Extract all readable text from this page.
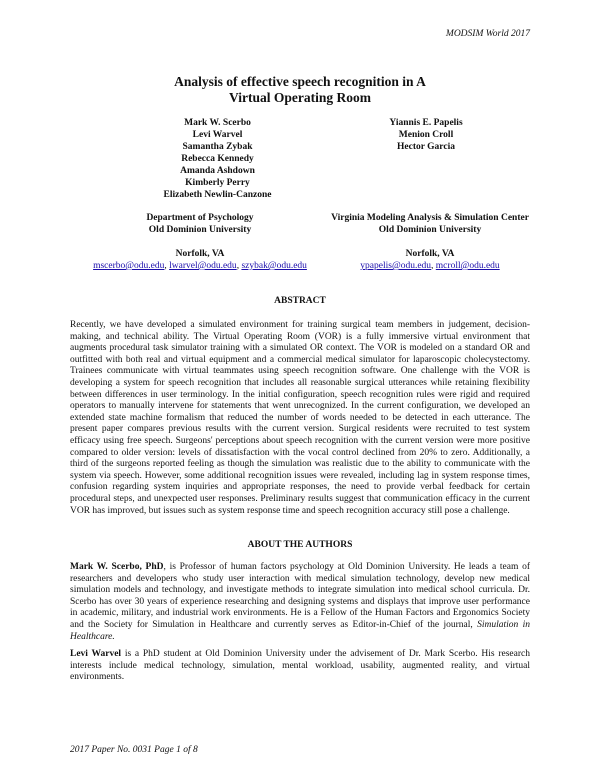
MODSIM World 2017
Analysis of effective speech recognition in A
Virtual Operating Room
Mark W. Scerbo
Levi Warvel
Samantha Zybak
Rebecca Kennedy
Amanda Ashdown
Kimberly Perry
Elizabeth Newlin-Canzone
Yiannis E. Papelis
Menion Croll
Hector Garcia
Department of Psychology
Old Dominion University
Norfolk, VA
mscerbo@odu.edu, lwarvel@odu.edu, szybak@odu.edu
Virginia Modeling Analysis & Simulation Center
Old Dominion University
Norfolk, VA
ypapelis@odu.edu, mcroll@odu.edu
ABSTRACT
Recently, we have developed a simulated environment for training surgical team members in judgement, decision-making, and technical ability. The Virtual Operating Room (VOR) is a fully immersive virtual environment that augments procedural task simulator training with a simulated OR context. The VOR is modeled on a standard OR and outfitted with both real and virtual equipment and a commercial medical simulator for laparoscopic cholecystectomy. Trainees communicate with virtual teammates using speech recognition software. One challenge with the VOR is developing a system for speech recognition that includes all reasonable surgical utterances while retaining flexibility between differences in user terminology. In the initial configuration, speech recognition rules were rigid and required operators to manually intervene for statements that went unrecognized. In the current configuration, we developed an extended state machine formalism that reduced the number of words needed to be detected in each utterance. The present paper compares previous results with the current version. Surgical residents were recruited to test system efficacy using free speech. Surgeons' perceptions about speech recognition with the current version were more positive compared to older version: levels of dissatisfaction with the vocal control declined from 20% to zero. Additionally, a third of the surgeons reported feeling as though the simulation was realistic due to the ability to communicate with the system via speech. However, some additional recognition issues were revealed, including lag in system response times, confusion regarding system inquiries and appropriate responses, the need to provide verbal feedback for certain procedural steps, and unexpected user responses. Preliminary results suggest that communication efficacy in the current VOR has improved, but issues such as system response time and speech recognition accuracy still pose a challenge.
ABOUT THE AUTHORS
Mark W. Scerbo, PhD, is Professor of human factors psychology at Old Dominion University. He leads a team of researchers and developers who study user interaction with medical simulation technology, develop new medical simulation models and technology, and investigate methods to integrate simulation into medical school curricula. Dr. Scerbo has over 30 years of experience researching and designing systems and displays that improve user performance in academic, military, and industrial work environments. He is a Fellow of the Human Factors and Ergonomics Society and the Society for Simulation in Healthcare and currently serves as Editor-in-Chief of the journal, Simulation in Healthcare.
Levi Warvel is a PhD student at Old Dominion University under the advisement of Dr. Mark Scerbo. His research interests include medical technology, simulation, mental workload, usability, augmented reality, and virtual environments.
2017 Paper No. 0031 Page 1 of 8
